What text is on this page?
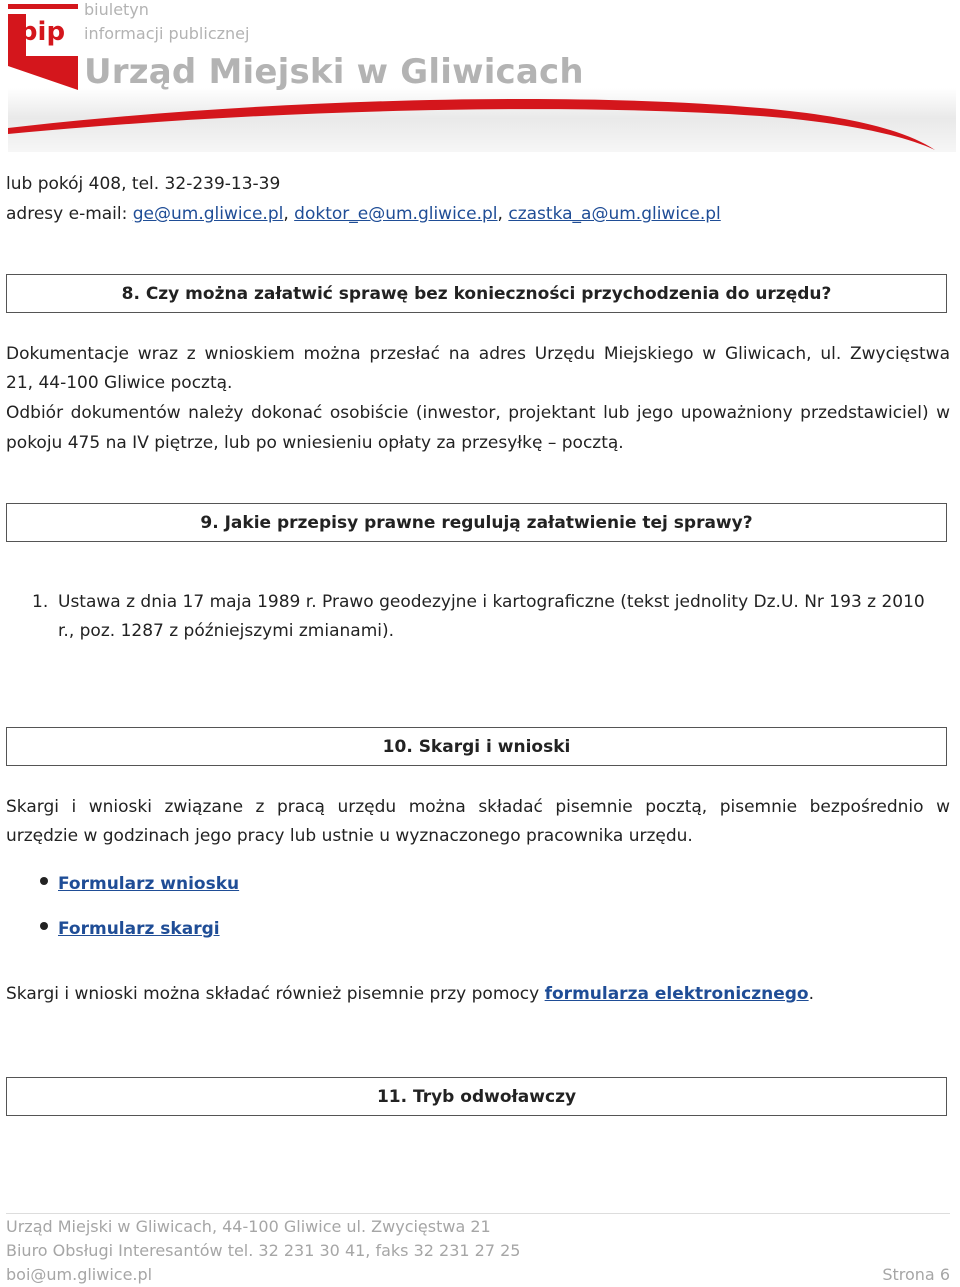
bip
biuletyn
informacji publicznej
Urząd Miejski w Gliwicach
lub pokój 408, tel. 32-239-13-39
adresy e-mail: ge@um.gliwice.pl, doktor_e@um.gliwice.pl, czastka_a@um.gliwice.pl
8. Czy można załatwić sprawę bez konieczności przychodzenia do urzędu?
Dokumentacje wraz z wnioskiem można przesłać na adres Urzędu Miejskiego w Gliwicach, ul. Zwycięstwa
21, 44-100 Gliwice pocztą.
Odbiór dokumentów należy dokonać osobiście (inwestor, projektant lub jego upoważniony przedstawiciel) w
pokoju 475 na IV piętrze, lub po wniesieniu opłaty za przesyłkę – pocztą.
9. Jakie przepisy prawne regulują załatwienie tej sprawy?
1. Ustawa z dnia 17 maja 1989 r. Prawo geodezyjne i kartograficzne (tekst jednolity Dz.U. Nr 193 z 2010
r., poz. 1287 z późniejszymi zmianami).
10. Skargi i wnioski
Skargi i wnioski związane z pracą urzędu można składać pisemnie pocztą, pisemnie bezpośrednio w
urzędzie w godzinach jego pracy lub ustnie u wyznaczonego pracownika urzędu.
Formularz wniosku
Formularz skargi
Skargi i wnioski można składać również pisemnie przy pomocy formularza elektronicznego.
11. Tryb odwoławczy
Urząd Miejski w Gliwicach, 44-100 Gliwice ul. Zwycięstwa 21
Biuro Obsługi Interesantów tel. 32 231 30 41, faks 32 231 27 25
boi@um.gliwice.pl	Strona 6
